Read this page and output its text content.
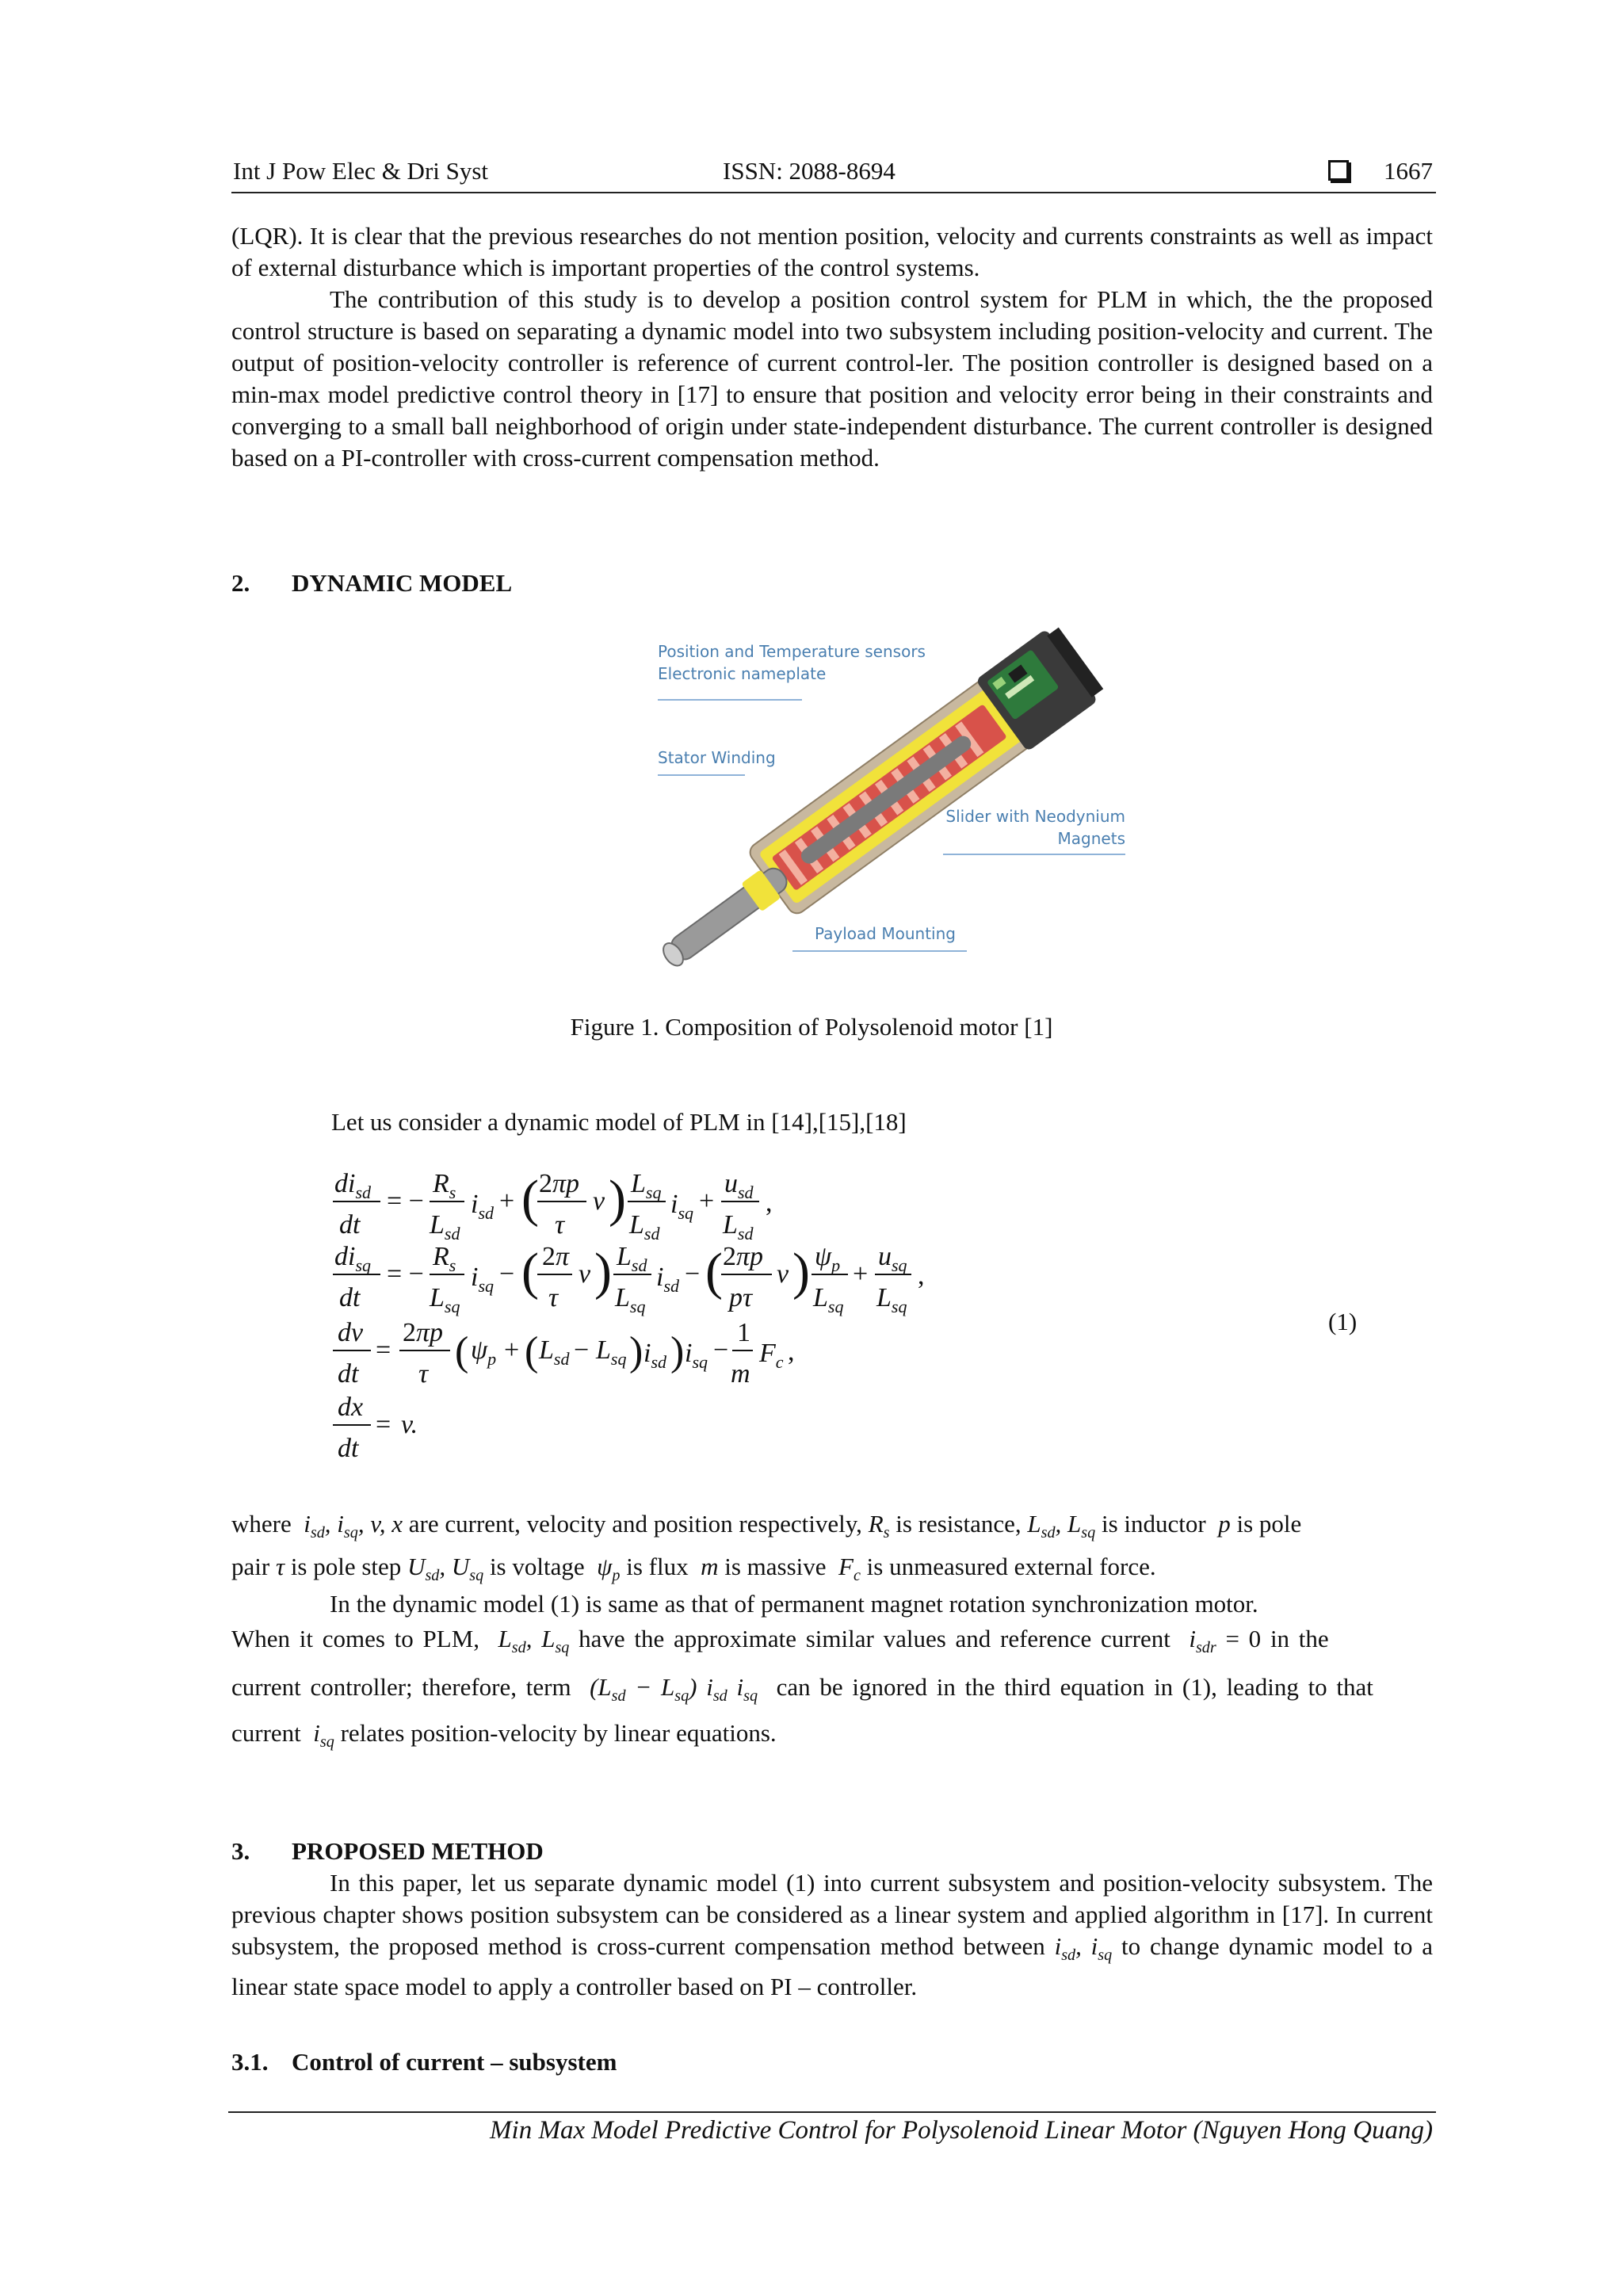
Int J Pow Elec & Dri Syst	ISSN: 2088-8694	1667
(LQR). It is clear that the previous researches do not mention position, velocity and currents constraints as well as impact of external disturbance which is important properties of the control systems.
The contribution of this study is to develop a position control system for PLM in which, the the proposed control structure is based on separating a dynamic model into two subsystem including position-velocity and current. The output of position-velocity controller is reference of current control-ler. The position controller is designed based on a min-max model predictive control theory in [17] to ensure that position and velocity error being in their constraints and converging to a small ball neighborhood of origin under state-independent disturbance. The current controller is designed based on a PI-controller with cross-current compensation method.
2. DYNAMIC MODEL
Position and Temperature sensors
Electronic nameplate
Stator Winding
Slider with Neodynium
Magnets
Payload Mounting
Figure 1. Composition of Polysolenoid motor [1]
Let us consider a dynamic model of PLM in [14],[15],[18]
$di_{sd}$
dt
= −
$R_s$
$L_{sd}$
$i_{sd}$ + ( 2πp
τ
v ) $L_{sq}$
$L_{sd}$
$i_{sq}$ +
$u_{sd}$
$L_{sd}$
,
$di_{sq}$
dt
= −
$R_s$
$L_{sq}$
$i_{sq}$ − ( 2π
τ
v ) $L_{sd}$
$L_{sq}$
$i_{sd}$ − ( 2πp
pτ
v ) $\psi_p$
$L_{sq}$
+
$u_{sq}$
$L_{sq}$
,
dv
dt
=
2πp
τ ( $\psi_p$ + ( $L_{sd} - L_{sq}$ ) $i_{sd}$ ) $i_{sq}$ −
1
m
$F_c$ ,
dx
dt
= v.
(1)
where  $i_{sd}$, $i_{sq}$, v, x are current, velocity and position respectively, $R_s$ is resistance, $L_{sd}$, $L_{sq}$ is inductor p is pole
pair τ is pole step $U_{sd}$, $U_{sq}$ is voltage $\psi_p$ is flux m is massive $F_c$ is unmeasured external force.
In the dynamic model (1) is same as that of permanent magnet rotation synchronization motor.
When it comes to PLM, $L_{sd}$, $L_{sq}$ have the approximate similar values and reference current $i_{sdr} = 0$ in the
current controller; therefore, term $(L_{sd} - L_{sq})$ $i_{sd}$ $i_{sq}$ can be ignored in the third equation in (1), leading to that
current $i_{sq}$ relates position-velocity by linear equations.
3. PROPOSED METHOD
In this paper, let us separate dynamic model (1) into current subsystem and position-velocity subsystem. The previous chapter shows position subsystem can be considered as a linear system and applied algorithm in [17]. In current subsystem, the proposed method is cross-current compensation method between $i_{sd}$, $i_{sq}$ to change dynamic model to a linear state space model to apply a controller based on PI – controller.
3.1. Control of current – subsystem
Min Max Model Predictive Control for Polysolenoid Linear Motor (Nguyen Hong Quang)
